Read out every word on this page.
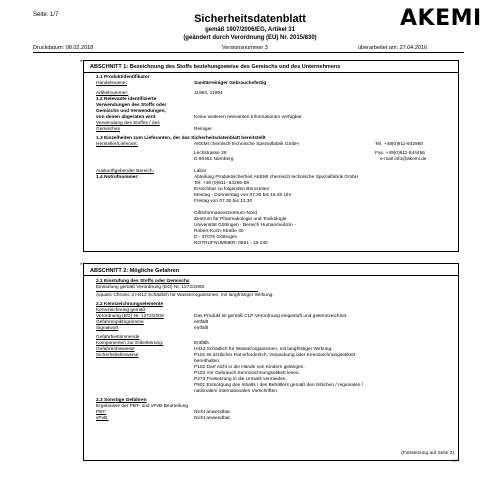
Seite: 1/7	AKEMI
Sicherheitsdatenblatt
gemäß 1907/2006/EG, Artikel 31
(geändert durch Verordnung (EU) Nr. 2015/830)
Druckdatum: 08.02.2018	Versionsnummer 3	überarbeitet am: 27.04.2016
*
ABSCHNITT 1: Bezeichnung des Stoffs beziehungsweise des Gemischs und des Unternehmens
1.1 Produktidentifikator
Handelsname:	Sanitärreiniger Gebrauchsfertig
Artikelnummer:	11993, 11994
1.2 Relevante identifizierte
Verwendungen des Stoffs oder
Gemischs und Verwendungen,
von denen abgeraten wird	Keine weiteren relevanten Informationen verfügbar.
Verwendung des Stoffes / des
Gemisches	Reiniger
1.3 Einzelheiten zum Lieferanten, der das Sicherheitsdatenblatt bereitstellt
Hersteller/Lieferant:	AKEMI chemisch technische Spezialfabrik GmbH
Lechstrasse 28
D 90451 Nürnberg
Tel. +49(0)911-642960
Fax. +49(0)911-644456
e-mail info@akemi.de
Auskunftgebender Bereich:	Labor
1.4 Notrufnummer:	Abteilung Produktsicherheit AKEMI chemisch technische Spezialfabrik GmbH
Tel. +49 (0)911- 64296-59
Erreichbar zu folgenden Bürozeiten:
Montag - Donnerstag von 07.30 bis 16.30 Uhr
Freitag von 07.30 bis 13.30
Giftinformationszentrum-Nord
Zentrum für Pharmakologie und Toxikologie
Universität Göttingen - Bereich Humanmedizin -
Robert-Koch-Straße 40
D - 37075 Göttingen
NOTRUFNUMMER: 0551 - 19 240
*
ABSCHNITT 2: Mögliche Gefahren
2.1 Einstufung des Stoffs oder Gemischs
Einstufung gemäß Verordnung (EG) Nr. 1272/2008
Aquatic Chronic 3 H412 Schädlich für Wasserorganismen, mit langfristiger Wirkung.
2.2 Kennzeichnungselemente
Kennzeichnung gemäß
Verordnung (EG) Nr. 1272/2008	Das Produkt ist gemäß CLP-Verordnung eingestuft und gekennzeichnet.
Gefahrenpiktogramme	entfällt
Signalwort	entfällt
Gefahrbestimmende
Komponenten zur Etikettierung:	Entfällt.
Gefahrenhinweise	H412 Schädlich für Wasserorganismen, mit langfristiger Wirkung.
Sicherheitshinweise	P101 Ist ärztlicher Rat erforderlich, Verpackung oder Kennzeichnungsetikett
bereithalten.
P102 Darf nicht in die Hände von Kindern gelangen.
P103 Vor Gebrauch Kennzeichnungsetikett lesen.
P273 Freisetzung in die Umwelt vermeiden.
P501 Entsorgung des Inhalts / des Behälters gemäß den örtlichen / regionalen /
nationalen/ internationalen Vorschriften.
2.3 Sonstige Gefahren
Ergebnisse der PBT- und vPvB-Beurteilung
PBT:	Nicht anwendbar.
vPvB:	Nicht anwendbar.
(Fortsetzung auf Seite 2)
DE
